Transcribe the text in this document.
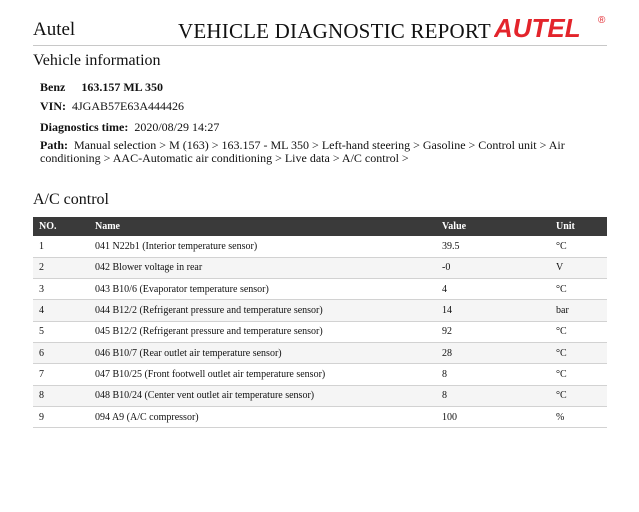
Autel	VEHICLE DIAGNOSTIC REPORT AUTEL ®
Vehicle information
Benz 163.157 ML 350
VIN: 4JGAB57E63A444426
Diagnostics time: 2020/08/29 14:27
Path: Manual selection > M (163) > 163.157 - ML 350 > Left-hand steering > Gasoline > Control unit > Air conditioning > AAC-Automatic air conditioning > Live data > A/C control >
A/C control
NO.	Name	Value	Unit
1	041 N22b1 (Interior temperature sensor)	39.5	°C
2	042 Blower voltage in rear	-0	V
3	043 B10/6 (Evaporator temperature sensor)	4	°C
4	044 B12/2 (Refrigerant pressure and temperature sensor)	14	bar
5	045 B12/2 (Refrigerant pressure and temperature sensor)	92	°C
6	046 B10/7 (Rear outlet air temperature sensor)	28	°C
7	047 B10/25 (Front footwell outlet air temperature sensor)	8	°C
8	048 B10/24 (Center vent outlet air temperature sensor)	8	°C
9	094 A9 (A/C compressor)	100	%
